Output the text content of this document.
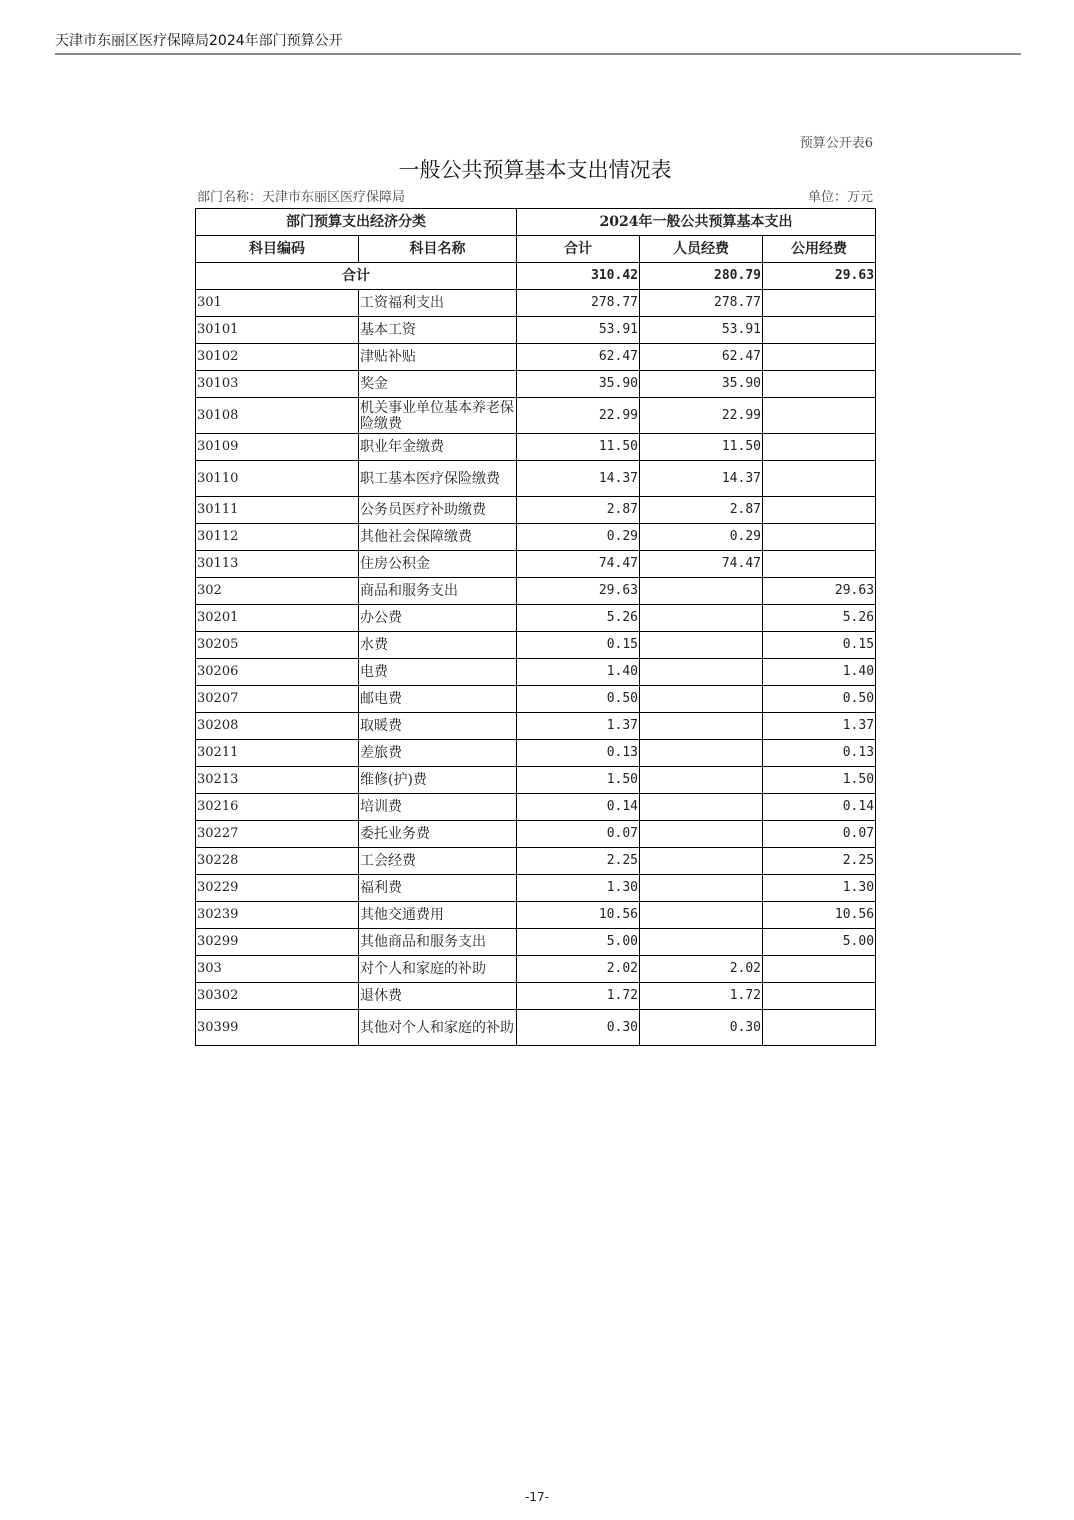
天津市东丽区医疗保障局2024年部门预算公开
预算公开表6
一般公共预算基本支出情况表
部门名称：天津市东丽区医疗保障局	单位：万元
部门预算支出经济分类		2024年一般公共预算基本支出		
科目编码	科目名称	合计	人员经费	公用经费
合计		310.42	280.79	29.63
301	工资福利支出	278.77	278.77	
30101	基本工资	53.91	53.91	
30102	津贴补贴	62.47	62.47	
30103	奖金	35.90	35.90	
30108	机关事业单位基本养老保险缴费	22.99	22.99	
30109	职业年金缴费	11.50	11.50	
30110	职工基本医疗保险缴费	14.37	14.37	
30111	公务员医疗补助缴费	2.87	2.87	
30112	其他社会保障缴费	0.29	0.29	
30113	住房公积金	74.47	74.47	
302	商品和服务支出	29.63		29.63
30201	办公费	5.26		5.26
30205	水费	0.15		0.15
30206	电费	1.40		1.40
30207	邮电费	0.50		0.50
30208	取暖费	1.37		1.37
30211	差旅费	0.13		0.13
30213	维修(护)费	1.50		1.50
30216	培训费	0.14		0.14
30227	委托业务费	0.07		0.07
30228	工会经费	2.25		2.25
30229	福利费	1.30		1.30
30239	其他交通费用	10.56		10.56
30299	其他商品和服务支出	5.00		5.00
303	对个人和家庭的补助	2.02	2.02	
30302	退休费	1.72	1.72	
30399	其他对个人和家庭的补助	0.30	0.30	
-17-
